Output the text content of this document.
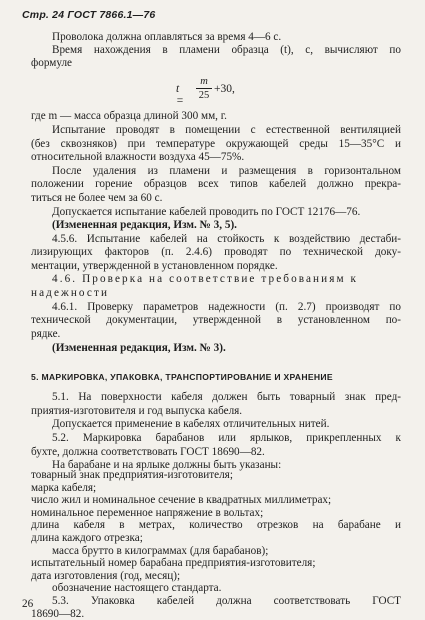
Стр. 24 ГОСТ 7866.1—76
Проволока должна оплавляться за время 4—6 с.
Время нахождения в пламени образца (t), с, вычисляют по
формуле
t =
m
25
+30,
где m — масса образца длиной 300 мм, г.
Испытание проводят в помещении с естественной вентиляцией
(без сквозняков) при температуре окружающей среды 15—35°С и
относительной влажности воздуха 45—75%.
После удаления из пламени и размещения в горизонтальном
положении горение образцов всех типов кабелей должно прекра-
титься не более чем за 60 с.
Допускается испытание кабелей проводить по ГОСТ 12176—76.
(Измененная редакция, Изм. № 3, 5).
4.5.6. Испытание кабелей на стойкость к воздействию дестаби-
лизирующих факторов (п. 2.4.6) проводят по технической доку-
ментации, утвержденной в установленном порядке.
4.6. Проверка на соответствие требованиям к
надежности
4.6.1. Проверку параметров надежности (п. 2.7) производят по
технической документации, утвержденной в установленном по-
рядке.
(Измененная редакция, Изм. № 3).
5. МАРКИРОВКА, УПАКОВКА, ТРАНСПОРТИРОВАНИЕ И ХРАНЕНИЕ
5.1. На поверхности кабеля должен быть товарный знак пред-
приятия-изготовителя и год выпуска кабеля.
Допускается применение в кабелях отличительных нитей.
5.2. Маркировка барабанов или ярлыков, прикрепленных к
бухте, должна соответствовать ГОСТ 18690—82.
На барабане и на ярлыке должны быть указаны:
товарный знак предприятия-изготовителя;
марка кабеля;
число жил и номинальное сечение в квадратных миллиметрах;
номинальное переменное напряжение в вольтах;
длина кабеля в метрах, количество отрезков на барабане и
длина каждого отрезка;
масса брутто в килограммах (для барабанов);
испытательный номер барабана предприятия-изготовителя;
дата изготовления (год, месяц);
обозначение настоящего стандарта.
5.3. Упаковка кабелей должна соответствовать ГОСТ
18690—82.
26
